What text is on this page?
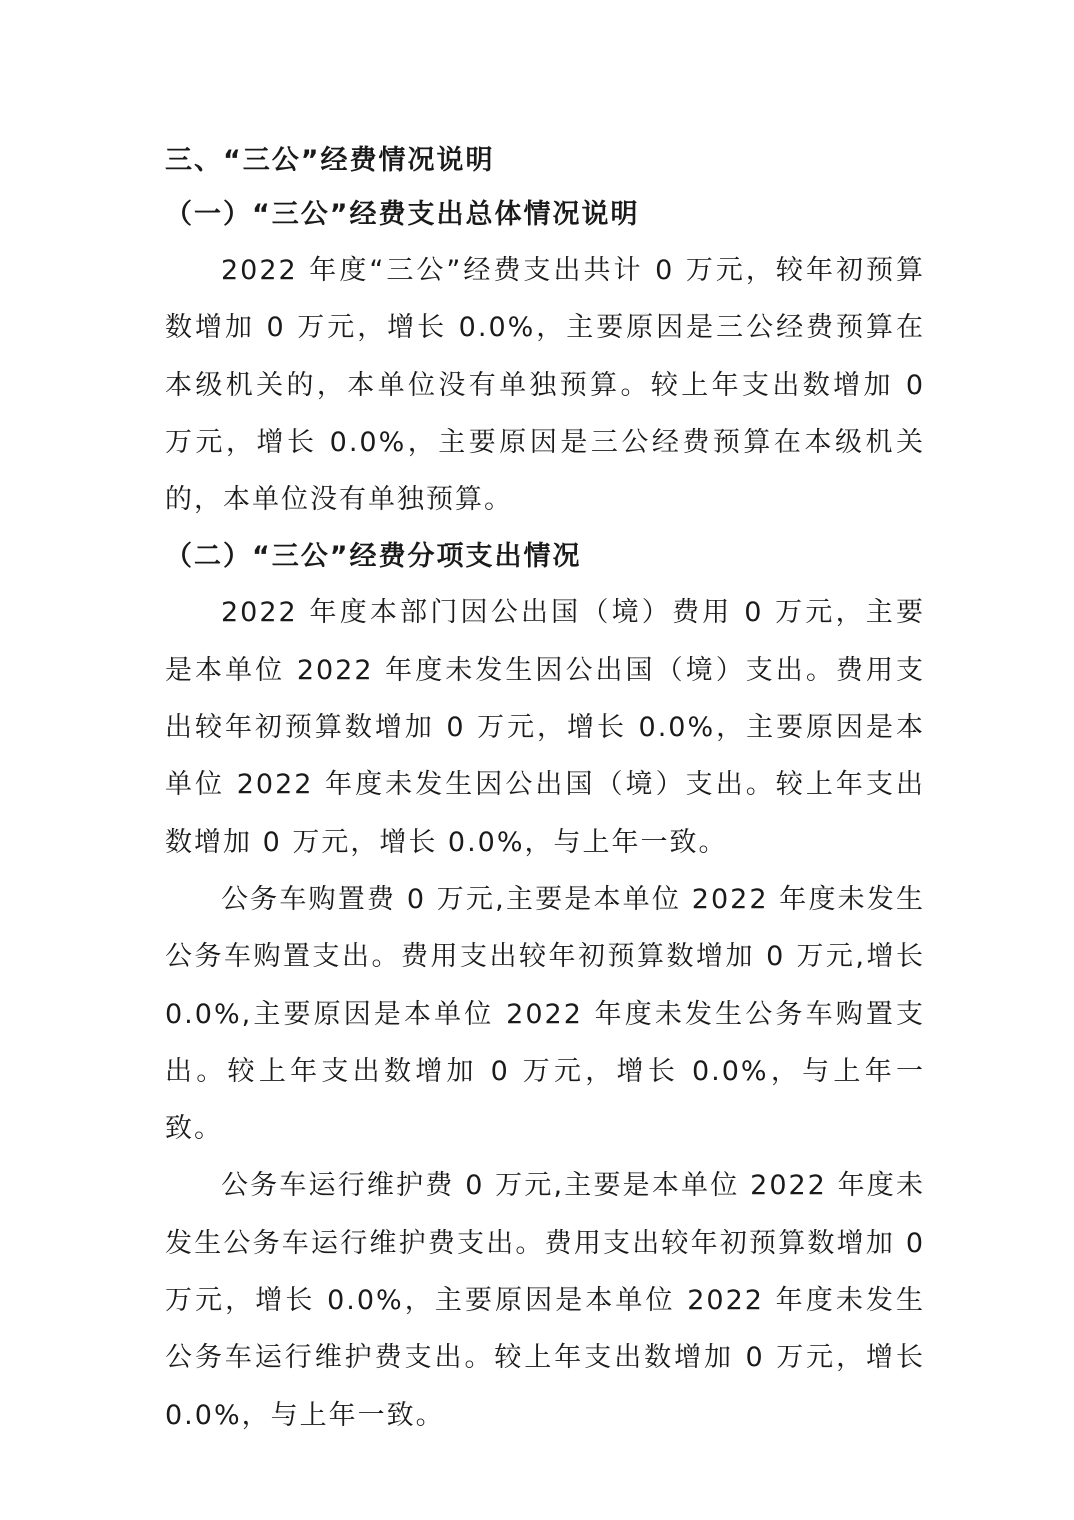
三、“三公”经费情况说明
（一）“三公”经费支出总体情况说明

2022 年度“三公”经费支出共计 0 万元，较年初预算数增加 0 万元，增长 0.0%，主要原因是三公经费预算在本级机关的，本单位没有单独预算。较上年支出数增加 0 万元，增长 0.0%，主要原因是三公经费预算在本级机关的，本单位没有单独预算。

（二）“三公”经费分项支出情况

2022 年度本部门因公出国（境）费用 0 万元，主要是本单位 2022 年度未发生因公出国（境）支出。费用支出较年初预算数增加 0 万元，增长 0.0%，主要原因是本单位 2022 年度未发生因公出国（境）支出。较上年支出数增加 0 万元，增长 0.0%，与上年一致。

公务车购置费 0 万元,主要是本单位 2022 年度未发生公务车购置支出。费用支出较年初预算数增加 0 万元,增长 0.0%,主要原因是本单位 2022 年度未发生公务车购置支出。较上年支出数增加 0 万元，增长 0.0%，与上年一致。

公务车运行维护费 0 万元,主要是本单位 2022 年度未发生公务车运行维护费支出。费用支出较年初预算数增加 0 万元，增长 0.0%，主要原因是本单位 2022 年度未发生公务车运行维护费支出。较上年支出数增加 0 万元，增长 0.0%，与上年一致。
